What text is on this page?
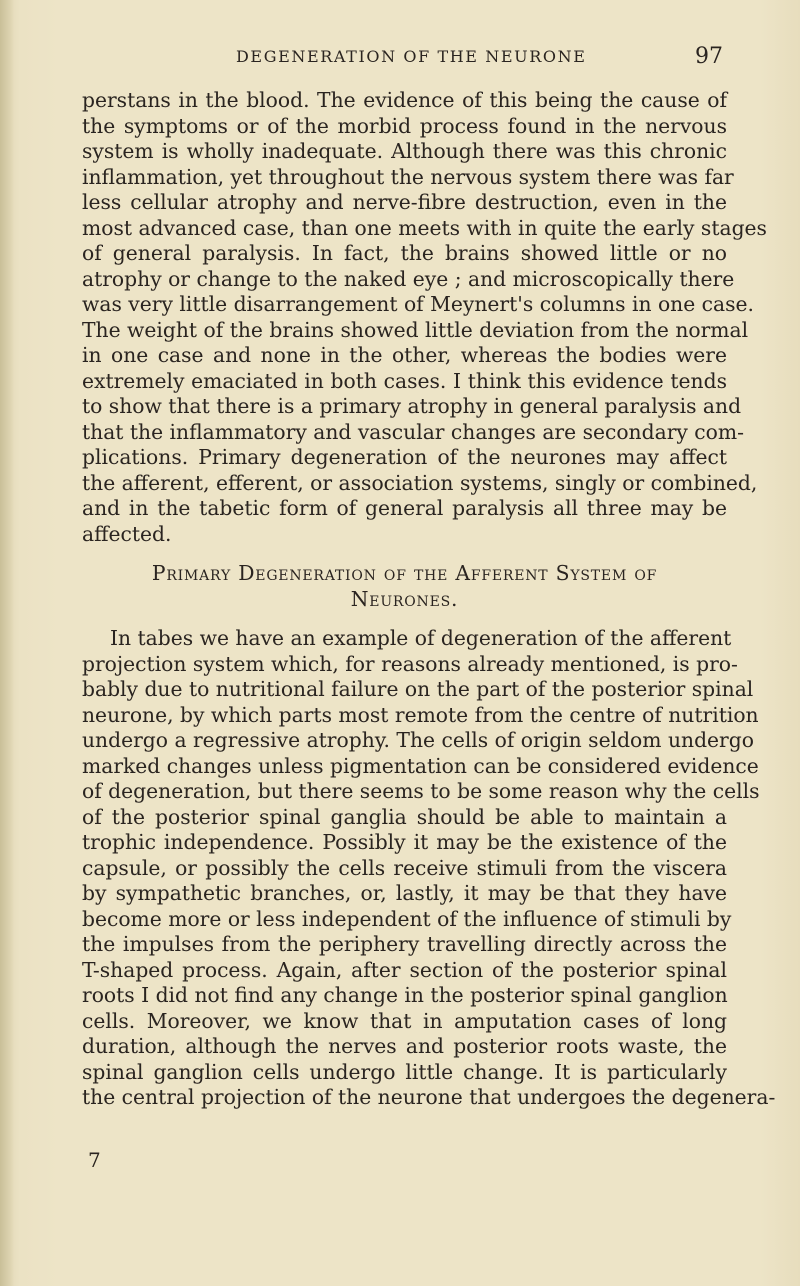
DEGENERATION OF THE NEURONE	97
perstans in the blood. The evidence of this being the cause of
the symptoms or of the morbid process found in the nervous
system is wholly inadequate. Although there was this chronic
inflammation, yet throughout the nervous system there was far
less cellular atrophy and nerve-fibre destruction, even in the
most advanced case, than one meets with in quite the early stages
of general paralysis. In fact, the brains showed little or no
atrophy or change to the naked eye ; and microscopically there
was very little disarrangement of Meynert's columns in one case.
The weight of the brains showed little deviation from the normal
in one case and none in the other, whereas the bodies were
extremely emaciated in both cases. I think this evidence tends
to show that there is a primary atrophy in general paralysis and
that the inflammatory and vascular changes are secondary com-
plications. Primary degeneration of the neurones may affect
the afferent, efferent, or association systems, singly or combined,
and in the tabetic form of general paralysis all three may be
affected.
Primary Degeneration of the Afferent System of
Neurones.
In tabes we have an example of degeneration of the afferent
projection system which, for reasons already mentioned, is pro-
bably due to nutritional failure on the part of the posterior spinal
neurone, by which parts most remote from the centre of nutrition
undergo a regressive atrophy. The cells of origin seldom undergo
marked changes unless pigmentation can be considered evidence
of degeneration, but there seems to be some reason why the cells
of the posterior spinal ganglia should be able to maintain a
trophic independence. Possibly it may be the existence of the
capsule, or possibly the cells receive stimuli from the viscera
by sympathetic branches, or, lastly, it may be that they have
become more or less independent of the influence of stimuli by
the impulses from the periphery travelling directly across the
T-shaped process. Again, after section of the posterior spinal
roots I did not find any change in the posterior spinal ganglion
cells. Moreover, we know that in amputation cases of long
duration, although the nerves and posterior roots waste, the
spinal ganglion cells undergo little change. It is particularly
the central projection of the neurone that undergoes the degenera-
7
